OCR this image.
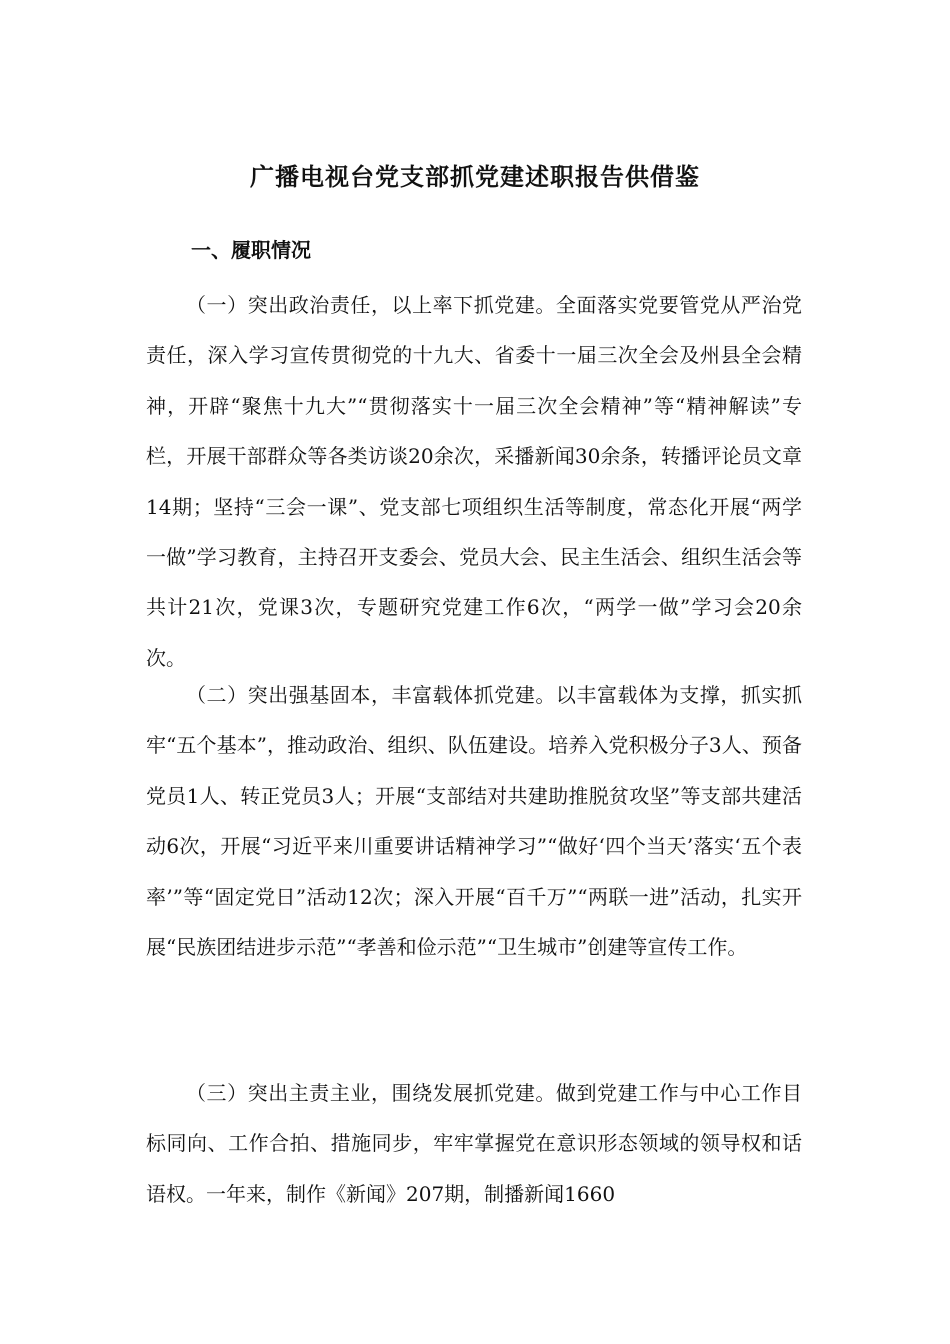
广播电视台党支部抓党建述职报告供借鉴
一、履职情况

（一）突出政治责任，以上率下抓党建。全面落实党要管党从严治党责任，深入学习宣传贯彻党的十九大、省委十一届三次全会及州县全会精神，开辟“聚焦十九大”“贯彻落实十一届三次全会精神”等“精神解读”专栏，开展干部群众等各类访谈20余次，采播新闻30余条，转播评论员文章14期；坚持“三会一课”、党支部七项组织生活等制度，常态化开展“两学一做”学习教育，主持召开支委会、党员大会、民主生活会、组织生活会等共计21次，党课3次，专题研究党建工作6次，“两学一做”学习会20余次。

（二）突出强基固本，丰富载体抓党建。以丰富载体为支撑，抓实抓牢“五个基本”，推动政治、组织、队伍建设。培养入党积极分子3人、预备党员1人、转正党员3人；开展“支部结对共建助推脱贫攻坚”等支部共建活动6次，开展“习近平来川重要讲话精神学习”“做好‘四个当天’落实‘五个表率’”等“固定党日”活动12次；深入开展“百千万”“两联一进”活动，扎实开展“民族团结进步示范”“孝善和俭示范”“卫生城市”创建等宣传工作。

（三）突出主责主业，围绕发展抓党建。做到党建工作与中心工作目标同向、工作合拍、措施同步，牢牢掌握党在意识形态领域的领导权和话语权。一年来，制作《新闻》207期，制播新闻1660
